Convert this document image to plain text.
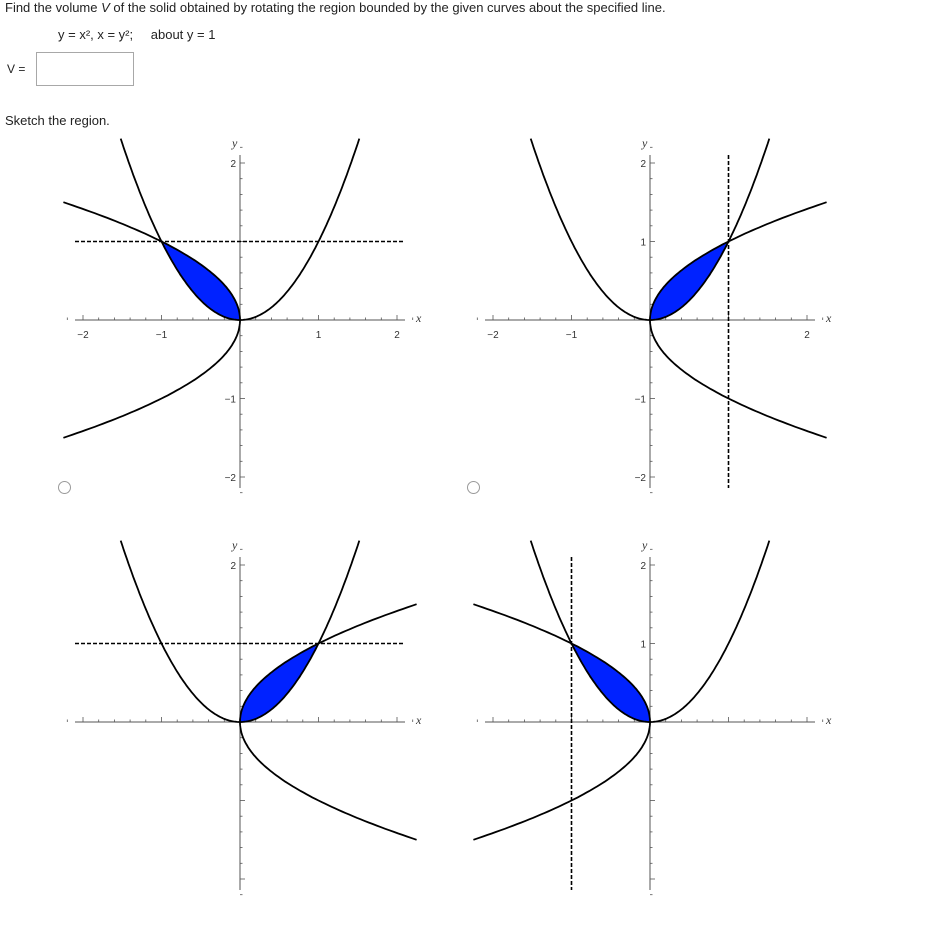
Find the volume V of the solid obtained by rotating the region bounded by the given curves about the specified line.
y = x², x = y²; about y = 1
V =
Sketch the region.
x
y
−2	−1	1	2
2
−1
−2
x
y
−2	−1	2
2
1
−1
−2
x
y
2
x
y
2
1
